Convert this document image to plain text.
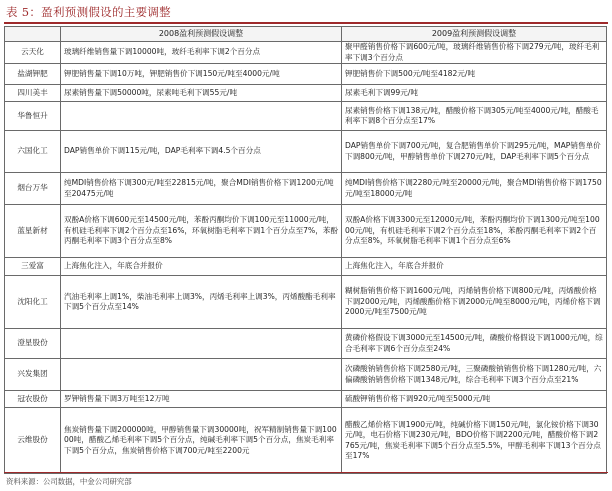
表 5：盈利预测假设的主要调整
	2008盈利预测假设调整	2009盈利预测假设调整
云天化	玻璃纤维销售量下调10000吨，玻纤毛利率下调2个百分点	聚甲醛销售价格下调600元/吨，玻璃纤维销售价格下调279元/吨，玻纤毛利率下调3个百分点
盐湖钾肥	钾肥销售量下调10万吨，钾肥销售价下调150元/吨至4000元/吨	钾肥销售价下调500元/吨至4182元/吨
四川美丰	尿素销售量下调50000吨，尿素吨毛利下调55元/吨	尿素毛利下调99元/吨
华鲁恒升		尿素销售价格下调138元/吨，醋酸价格下调305元/吨至4000元/吨，醋酸毛利率下调8个百分点至17%
六国化工	DAP销售单价下调115元/吨，DAP毛利率下调4.5个百分点	DAP销售单价下调700元/吨，复合肥销售单价下调295元/吨，MAP销售单价下调800元/吨，甲醇销售单价下调270元/吨，DAP毛利率下调5个百分点
烟台万华	纯MDI销售价格下调300元/吨至22815元/吨，聚合MDI销售价格下调1200元/吨至20475元/吨	纯MDI销售价格下调2280元/吨至20000元/吨，聚合MDI销售价格下调1750元/吨至18000元/吨
蓝星新材	双酚A价格下调600元至14500元/吨，苯酚丙酮均价下调100元至11000元/吨，有机硅毛利率下调2个百分点至16%，环氧树脂毛利率下调1个百分点至7%，苯酚丙酮毛利率下调3个百分点至8%	双酚A价格下调3300元至12000元/吨，苯酚丙酮均价下调1300元/吨至10000元/吨，有机硅毛利率下调2个百分点至18%，苯酚丙酮毛利率下调2个百分点至8%，环氧树脂毛利率下调1个百分点至6%
三爱富	上海焦化注入，年底合并报价	上海焦化注入，年底合并报价
沈阳化工	汽油毛利率上调1%，柴油毛利率上调3%，丙烯毛利率上调3%，丙烯酸酯毛利率下调5个百分点至14%	糊树脂销售价格下调1600元/吨，丙烯销售价格下调800元/吨，丙烯酸价格下调2000元/吨，丙烯酸酯价格下调2000元/吨至8000元/吨，丙烯价格下调2000元/吨至7500元/吨
澄星股份		黄磷价格假设下调3000元至14500元/吨，磷酸价格假设下调1000元/吨，综合毛利率下调6个百分点至24%
兴发集团		次磷酸钠销售价格下调2580元/吨，三聚磷酸钠销售价格下调1280元/吨，六偏磷酸钠销售价格下调1348元/吨，综合毛利率下调3个百分点至21%
冠农股份	罗钾销售量下调3万吨至12万吨	硫酸钾销售价格下调920元/吨至5000元/吨
云维股份	焦炭销售量下调200000吨，甲醇销售量下调30000吨，祝军精制销售量下调10000吨，醋酸乙烯毛利率下调5个百分点，纯碱毛利率下调5个百分点，焦炭毛利率下调5个百分点，焦炭销售价格下调700元/吨至2200元	醋酸乙烯价格下调1900元/吨，纯碱价格下调150元/吨，氯化铵价格下调30元/吨，电石价格下调230元/吨，BDO价格下调2200元/吨，醋酸价格下调2765元/吨，焦炭毛利率下调5个百分点至5.5%，甲醇毛利率下调13个百分点至17%
资料来源：公司数据，中金公司研究部
